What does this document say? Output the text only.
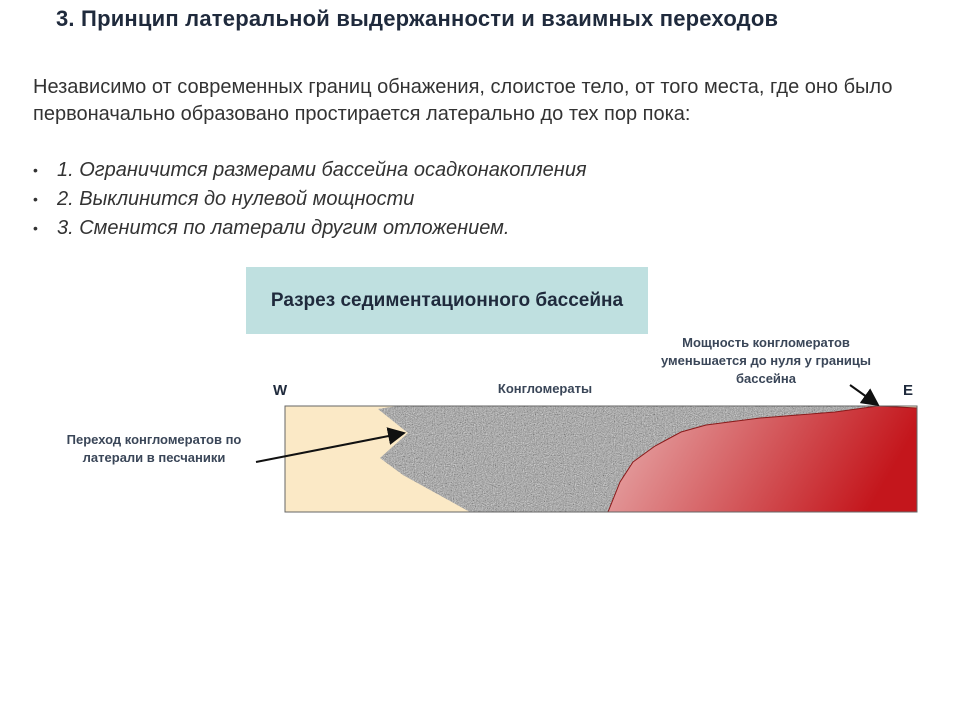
3. Принцип латеральной выдержанности и взаимных переходов

Независимо от современных границ обнажения, слоистое тело, от того места, где оно было первоначально образовано простирается латерально до тех пор пока:

• 1. Ограничится размерами бассейна осадконакопления
• 2. Выклинится до нулевой мощности
• 3. Сменится по латерали другим отложением.
Разрез седиментационного бассейна
W	E
Конгломераты
Переход конгломератов по латерали в песчаники
Мощность конгломератов уменьшается до нуля у границы бассейна
